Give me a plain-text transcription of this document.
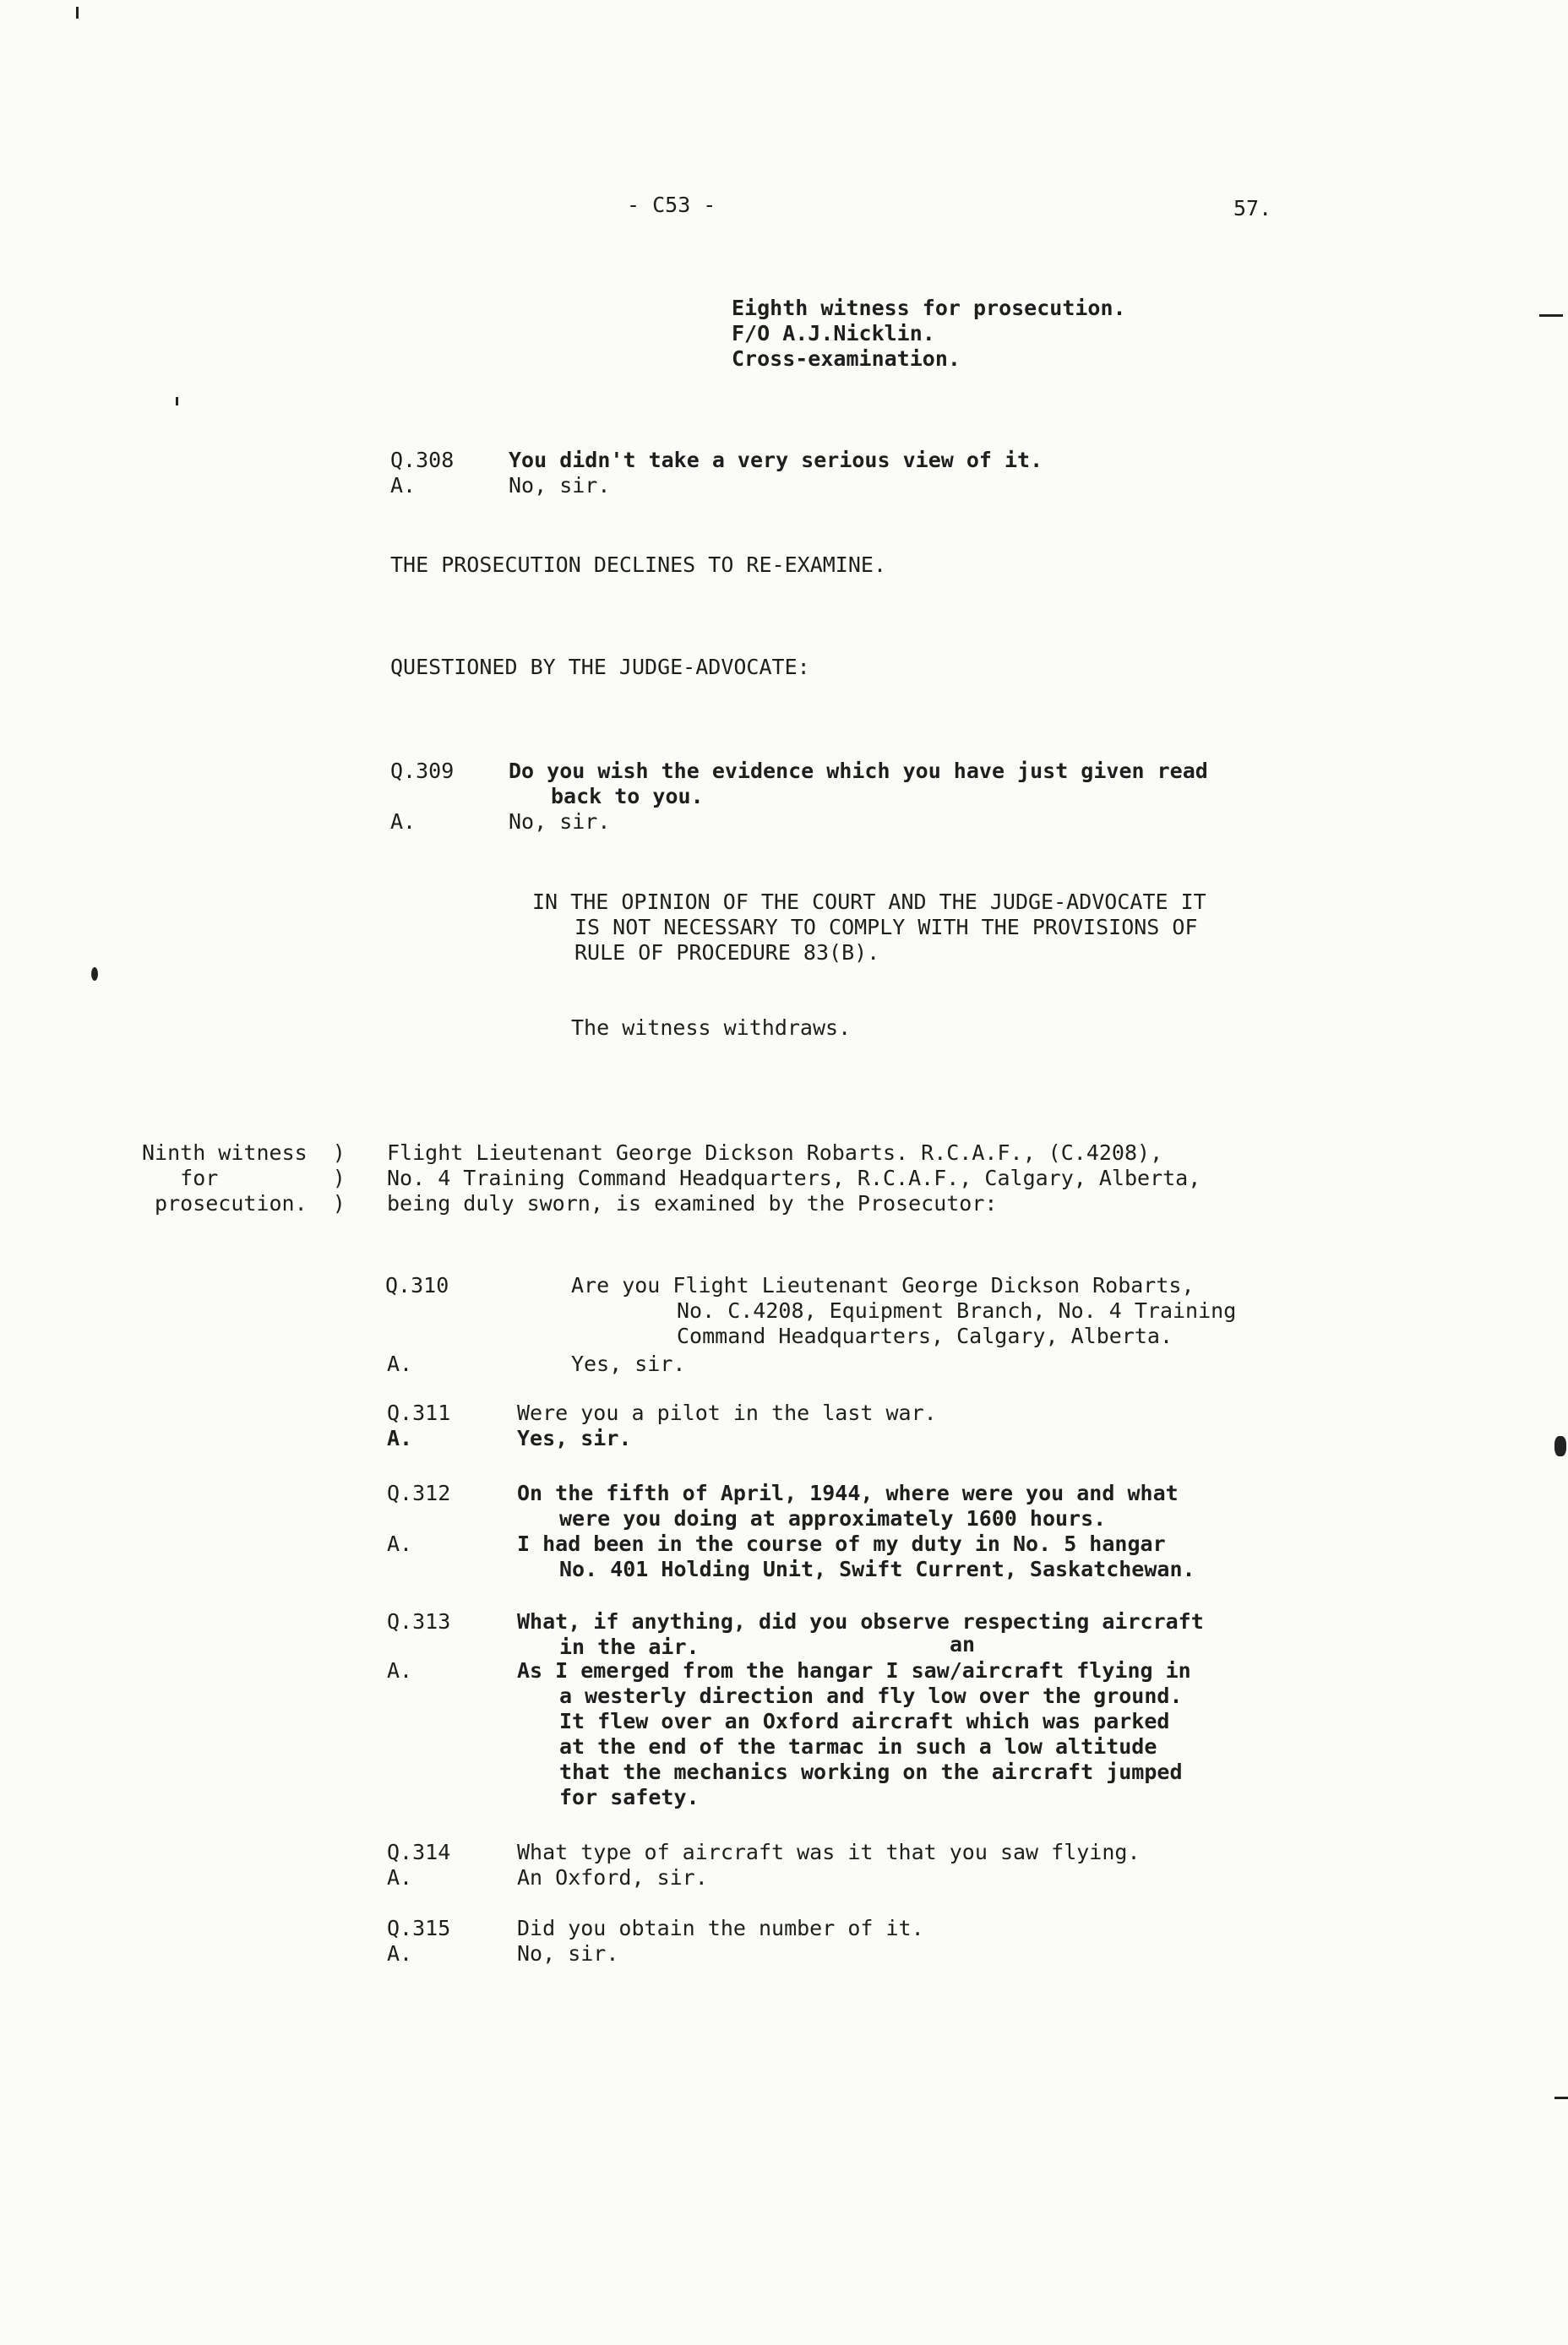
- C53 -	57.
Eighth witness for prosecution.
F/O A.J.Nicklin.
Cross-examination.
Q.308	You didn't take a very serious view of it.
A.	No, sir.
THE PROSECUTION DECLINES TO RE-EXAMINE.
QUESTIONED BY THE JUDGE-ADVOCATE:
Q.309	Do you wish the evidence which you have just given read
back to you.
A.	No, sir.
IN THE OPINION OF THE COURT AND THE JUDGE-ADVOCATE IT
IS NOT NECESSARY TO COMPLY WITH THE PROVISIONS OF
RULE OF PROCEDURE 83(B).
The witness withdraws.
Ninth witness  )
for         )
prosecution.  )
Flight Lieutenant George Dickson Robarts. R.C.A.F., (C.4208),
No. 4 Training Command Headquarters, R.C.A.F., Calgary, Alberta,
being duly sworn, is examined by the Prosecutor:
Q.310	Are you Flight Lieutenant George Dickson Robarts,
No. C.4208, Equipment Branch, No. 4 Training
Command Headquarters, Calgary, Alberta.
A.	Yes, sir.
Q.311	Were you a pilot in the last war.
A.	Yes, sir.
Q.312	On the fifth of April, 1944, where were you and what
were you doing at approximately 1600 hours.
A.	I had been in the course of my duty in No. 5 hangar
No. 401 Holding Unit, Swift Current, Saskatchewan.
Q.313	What, if anything, did you observe respecting aircraft
in the air.	an
A.	As I emerged from the hangar I saw/aircraft flying in
a westerly direction and fly low over the ground.
It flew over an Oxford aircraft which was parked
at the end of the tarmac in such a low altitude
that the mechanics working on the aircraft jumped
for safety.
Q.314	What type of aircraft was it that you saw flying.
A.	An Oxford, sir.
Q.315	Did you obtain the number of it.
A.	No, sir.
